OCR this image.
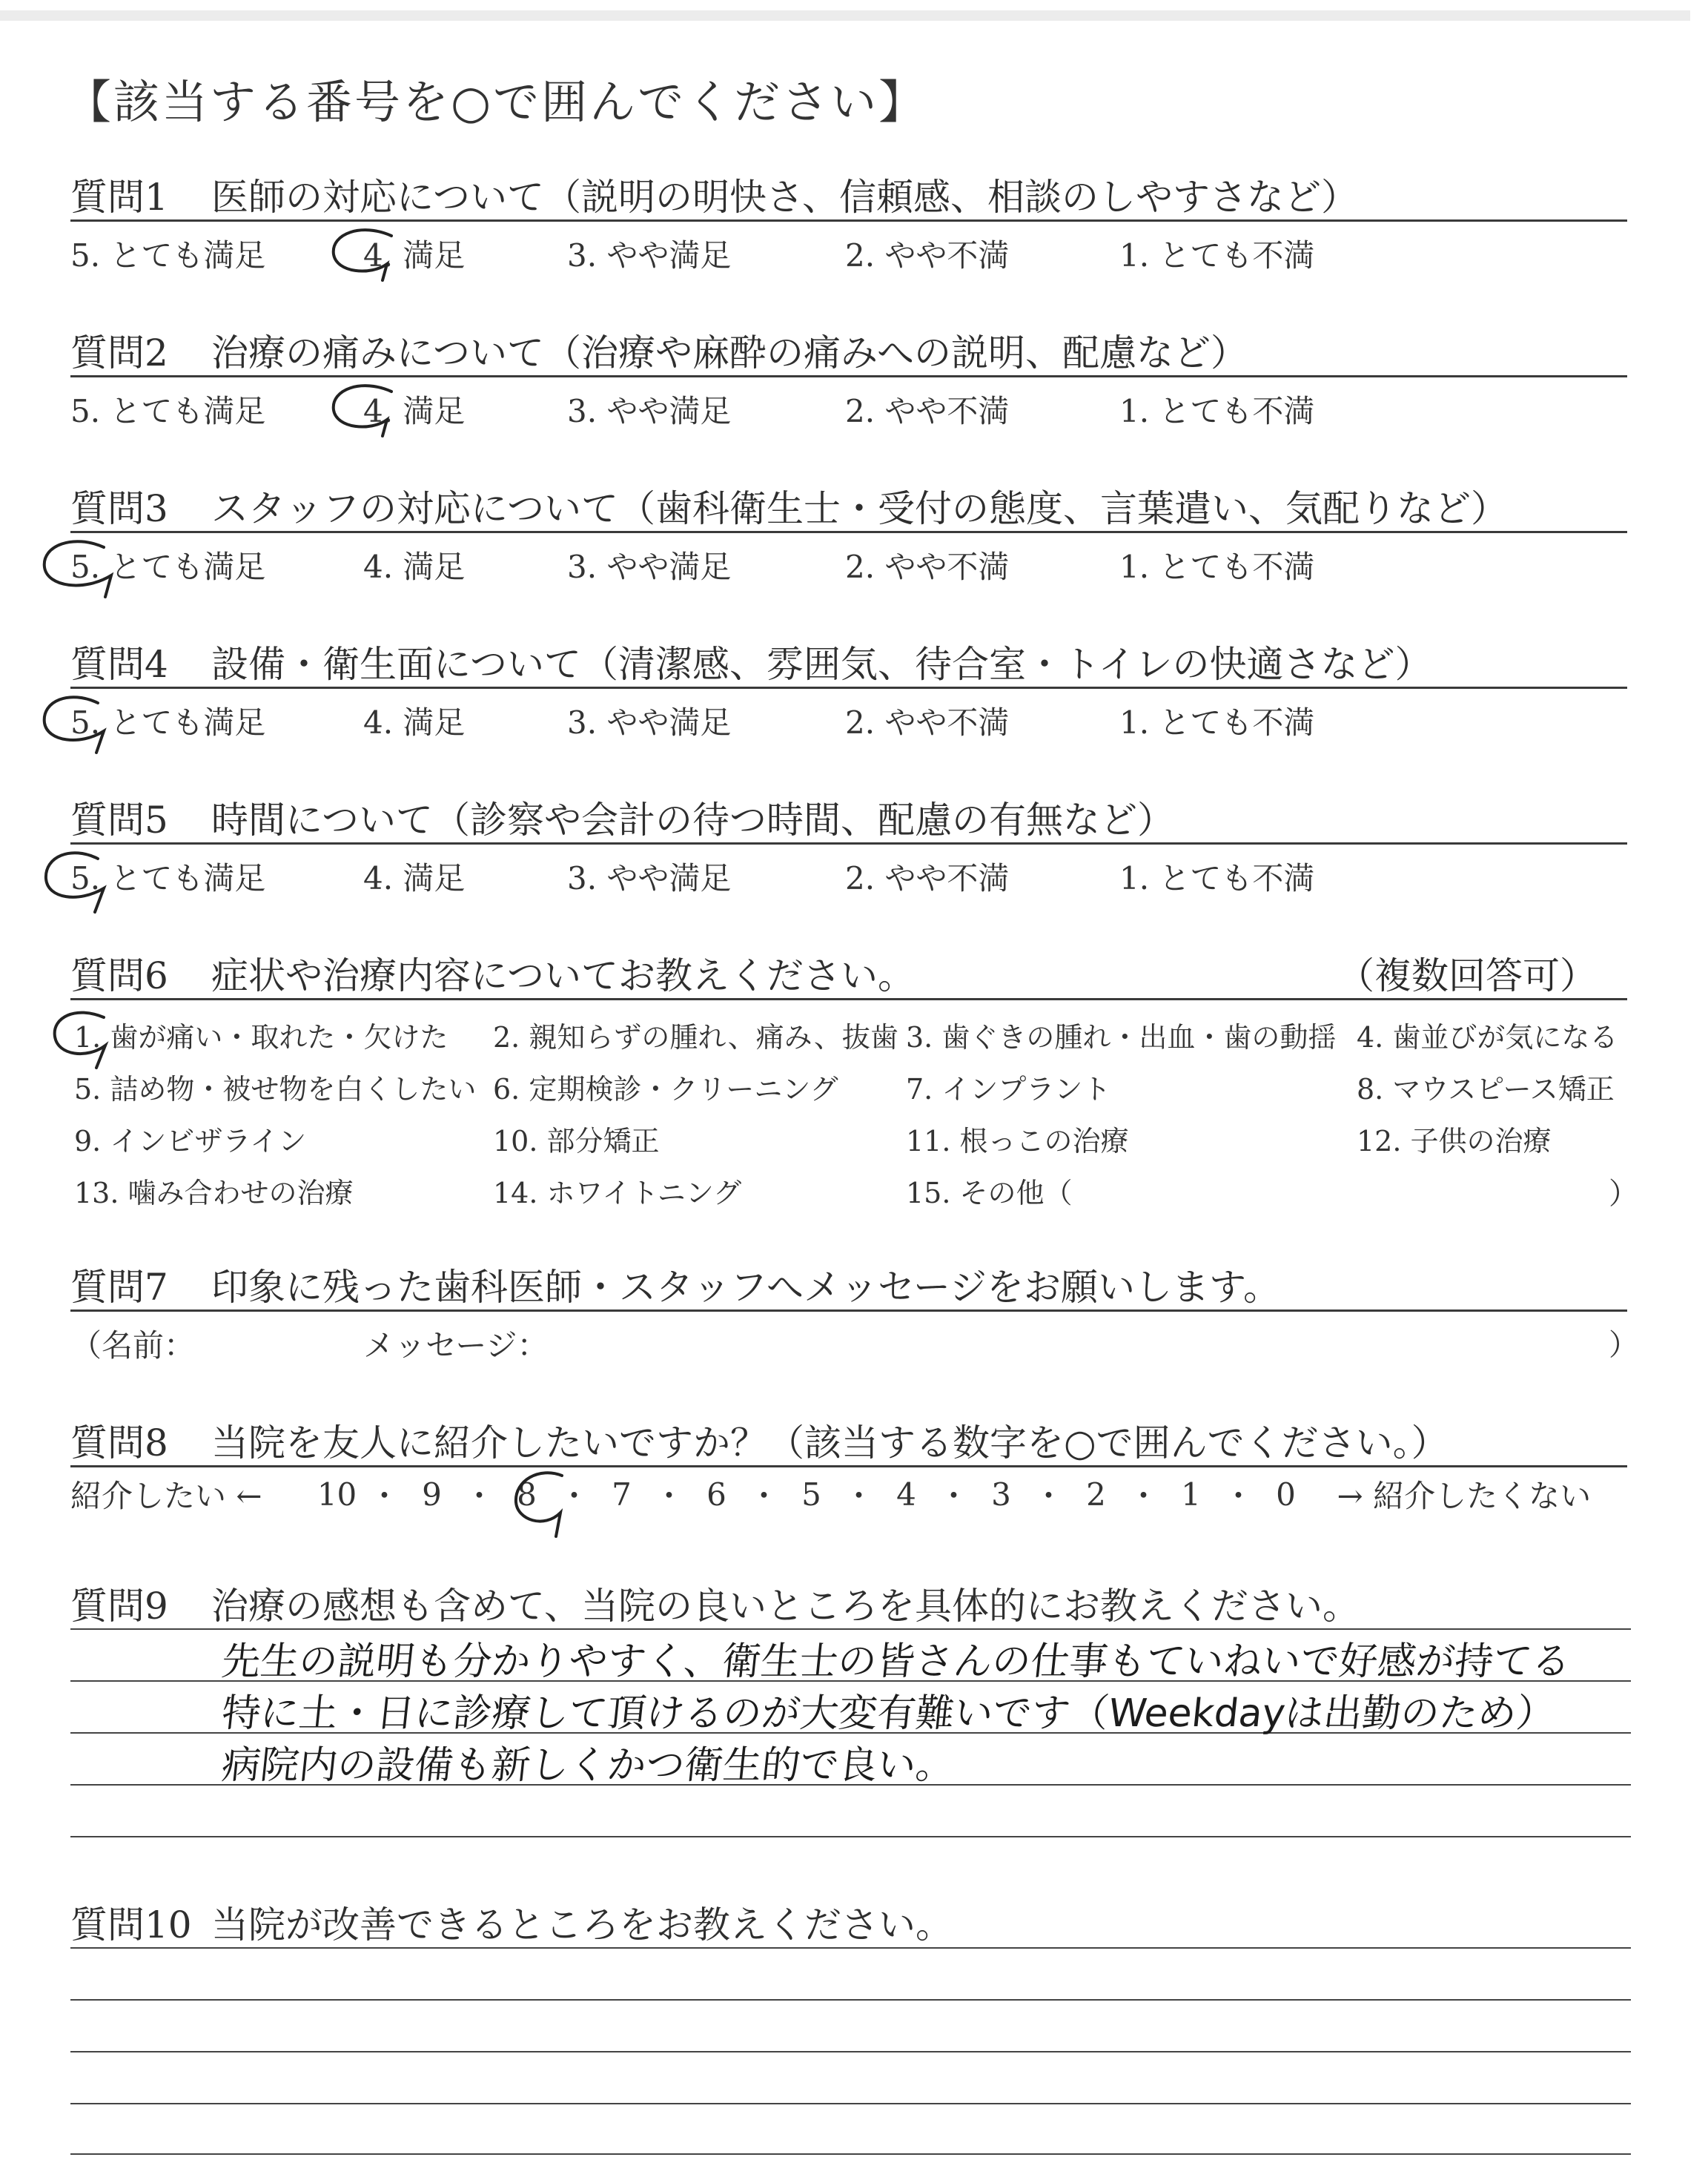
【該当する番号を○で囲んでください】
質問1 医師の対応について（説明の明快さ、信頼感、相談のしやすさなど）
5. とても満足	4. 満足	3. やや満足	2. やや不満	1. とても不満
質問2 治療の痛みについて（治療や麻酔の痛みへの説明、配慮など）
5. とても満足	4. 満足	3. やや満足	2. やや不満	1. とても不満
質問3 スタッフの対応について（歯科衛生士・受付の態度、言葉遣い、気配りなど）
5. とても満足	4. 満足	3. やや満足	2. やや不満	1. とても不満
質問4 設備・衛生面について（清潔感、雰囲気、待合室・トイレの快適さなど）
5. とても満足	4. 満足	3. やや満足	2. やや不満	1. とても不満
質問5 時間について（診察や会計の待つ時間、配慮の有無など）
5. とても満足	4. 満足	3. やや満足	2. やや不満	1. とても不満
質問6 症状や治療内容についてお教えください。	（複数回答可）
1. 歯が痛い・取れた・欠けた 2. 親知らずの腫れ、痛み、抜歯 3. 歯ぐきの腫れ・出血・歯の動揺 4. 歯並びが気になる
5. 詰め物・被せ物を白くしたい 6. 定期検診・クリーニング 7. インプラント	8. マウスピース矯正
9. インビザライン	10. 部分矯正	11. 根っこの治療	12. 子供の治療
13. 噛み合わせの治療	14. ホワイトニング	15. その他（	）
質問7 印象に残った歯科医師・スタッフへメッセージをお願いします。
（名前：	メッセージ：	）
質問8 当院を友人に紹介したいですか？（該当する数字を○で囲んでください。）
紹介したい ← 10 ・ 9 ・ 8 ・ 7 ・ 6 ・ 5 ・ 4 ・ 3 ・ 2 ・ 1 ・ 0	→ 紹介したくない
質問9 治療の感想も含めて、当院の良いところを具体的にお教えください。
先生の説明も分かりやすく、衛生士の皆さんの仕事もていねいで好感が持てる
特に土・日に診療して頂けるのが大変有難いです（Weekdayは出勤のため）
病院内の設備も新しくかつ衛生的で良い。
質問10 当院が改善できるところをお教えください。
